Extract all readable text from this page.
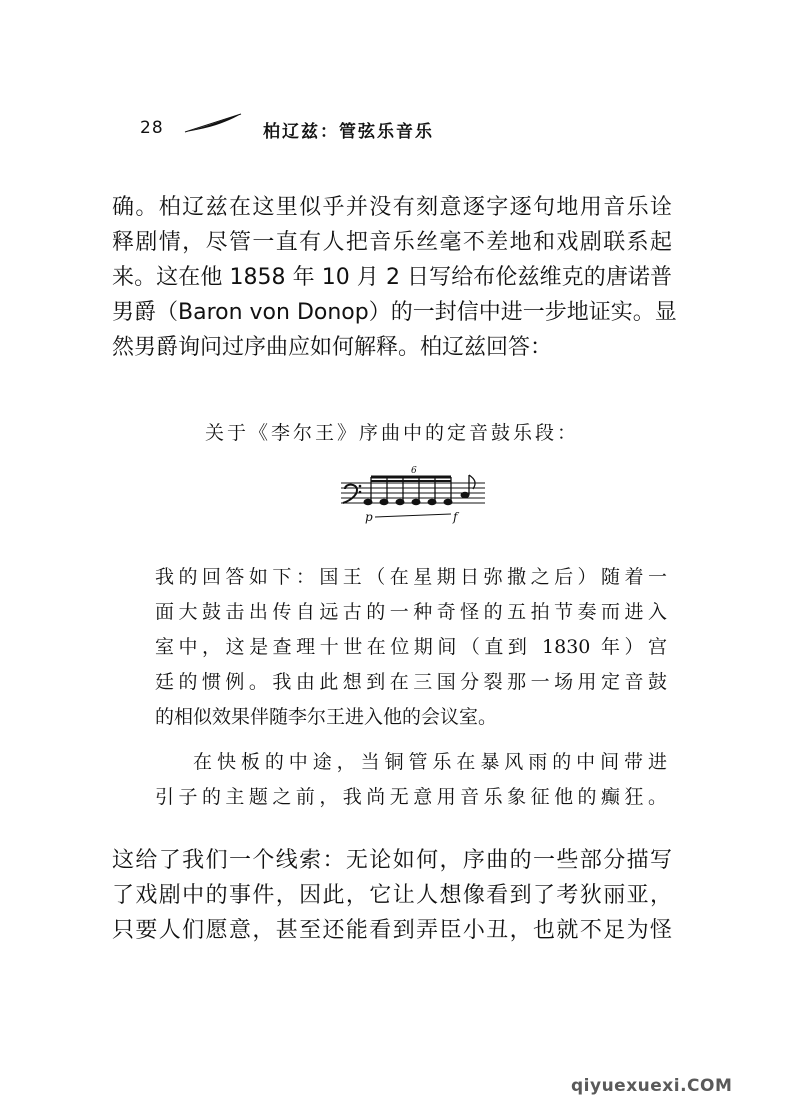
28	柏辽兹：管弦乐音乐
确。柏辽兹在这里似乎并没有刻意逐字逐句地用音乐诠
释剧情，尽管一直有人把音乐丝毫不差地和戏剧联系起
来。这在他 1858 年 10 月 2 日写给布伦兹维克的唐诺普
男爵（Baron von Donop）的一封信中进一步地证实。显
然男爵询问过序曲应如何解释。柏辽兹回答：
关于《李尔王》序曲中的定音鼓乐段：
6
p	f
我的回答如下：国王（在星期日弥撒之后）随着一
面大鼓击出传自远古的一种奇怪的五拍节奏而进入
室中，这是查理十世在位期间（直到 1830 年）宫
廷的惯例。我由此想到在三国分裂那一场用定音鼓
的相似效果伴随李尔王进入他的会议室。
在快板的中途，当铜管乐在暴风雨的中间带进
引子的主题之前，我尚无意用音乐象征他的癫狂。
这给了我们一个线索：无论如何，序曲的一些部分描写
了戏剧中的事件，因此，它让人想像看到了考狄丽亚，
只要人们愿意，甚至还能看到弄臣小丑，也就不足为怪
qiyuexuexi.COM
